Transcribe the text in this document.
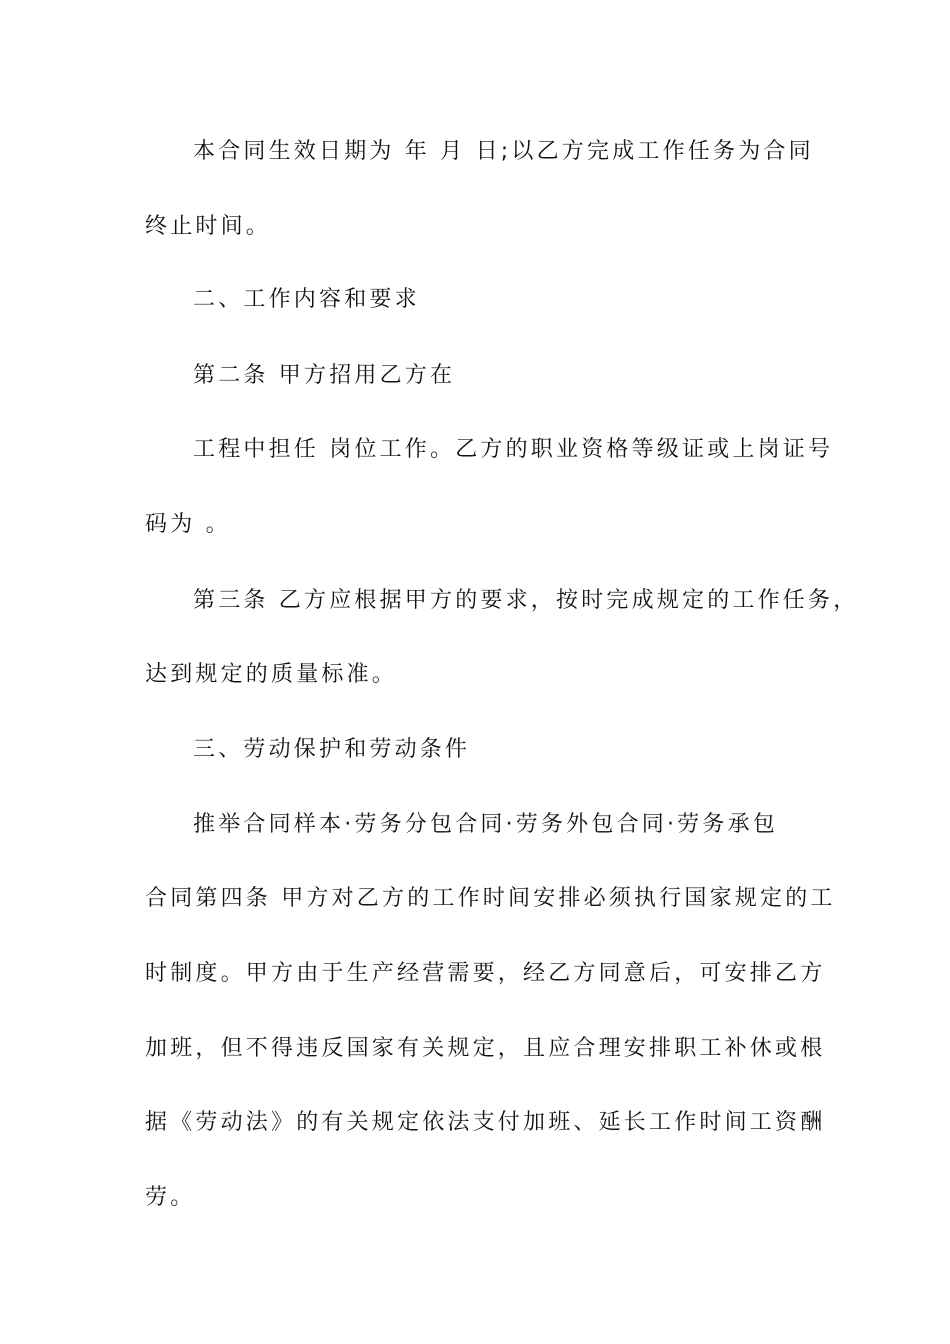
本合同生效日期为 年 月 日;以乙方完成工作任务为合同
终止时间。
二、工作内容和要求
第二条 甲方招用乙方在
工程中担任 岗位工作。乙方的职业资格等级证或上岗证号
码为 。
第三条 乙方应根据甲方的要求，按时完成规定的工作任务，
达到规定的质量标准。
三、劳动保护和劳动条件
推举合同样本·劳务分包合同·劳务外包合同·劳务承包
合同第四条 甲方对乙方的工作时间安排必须执行国家规定的工
时制度。甲方由于生产经营需要，经乙方同意后，可安排乙方
加班，但不得违反国家有关规定，且应合理安排职工补休或根
据《劳动法》的有关规定依法支付加班、延长工作时间工资酬
劳。
